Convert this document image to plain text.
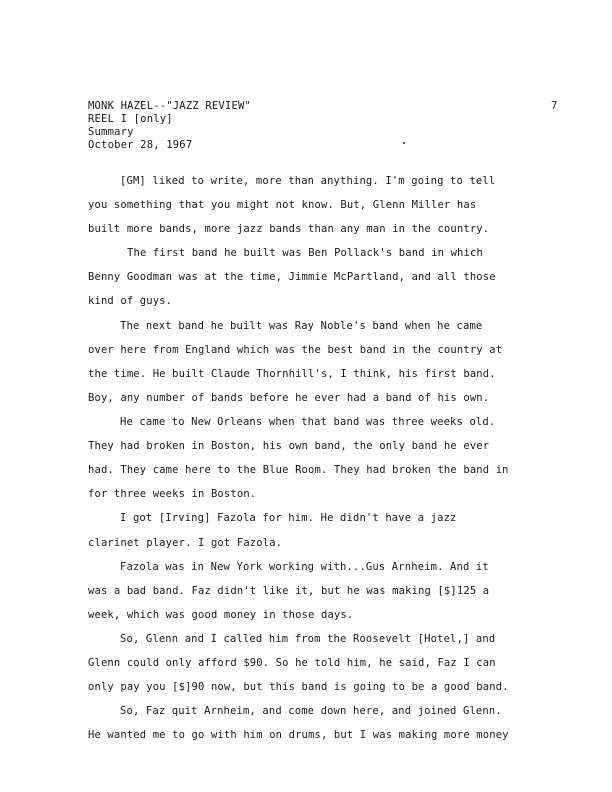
MONK HAZEL--"JAZZ REVIEW"
REEL I [only]
Summary
October 28, 1967
7
[GM] liked to write, more than anything. I'm going to tell
you something that you might not know. But, Glenn Miller has
built more bands, more jazz bands than any man in the country.
The first band he built was Ben Pollack's band in which
Benny Goodman was at the time, Jimmie McPartland, and all those
kind of guys.
The next band he built was Ray Noble's band when he came
over here from England which was the best band in the country at
the time. He built Claude Thornhill's, I think, his first band.
Boy, any number of bands before he ever had a band of his own.
He came to New Orleans when that band was three weeks old.
They had broken in Boston, his own band, the only band he ever
had. They came here to the Blue Room. They had broken the band in
for three weeks in Boston.
I got [Irving] Fazola for him. He didn't have a jazz
clarinet player. I got Fazola.
Fazola was in New York working with...Gus Arnheim. And it
was a bad band. Faz didn't like it, but he was making [$]125 a
week, which was good money in those days.
So, Glenn and I called him from the Roosevelt [Hotel,] and
Glenn could only afford $90. So he told him, he said, Faz I can
only pay you [$]90 now, but this band is going to be a good band.
So, Faz quit Arnheim, and come down here, and joined Glenn.
He wanted me to go with him on drums, but I was making more money
